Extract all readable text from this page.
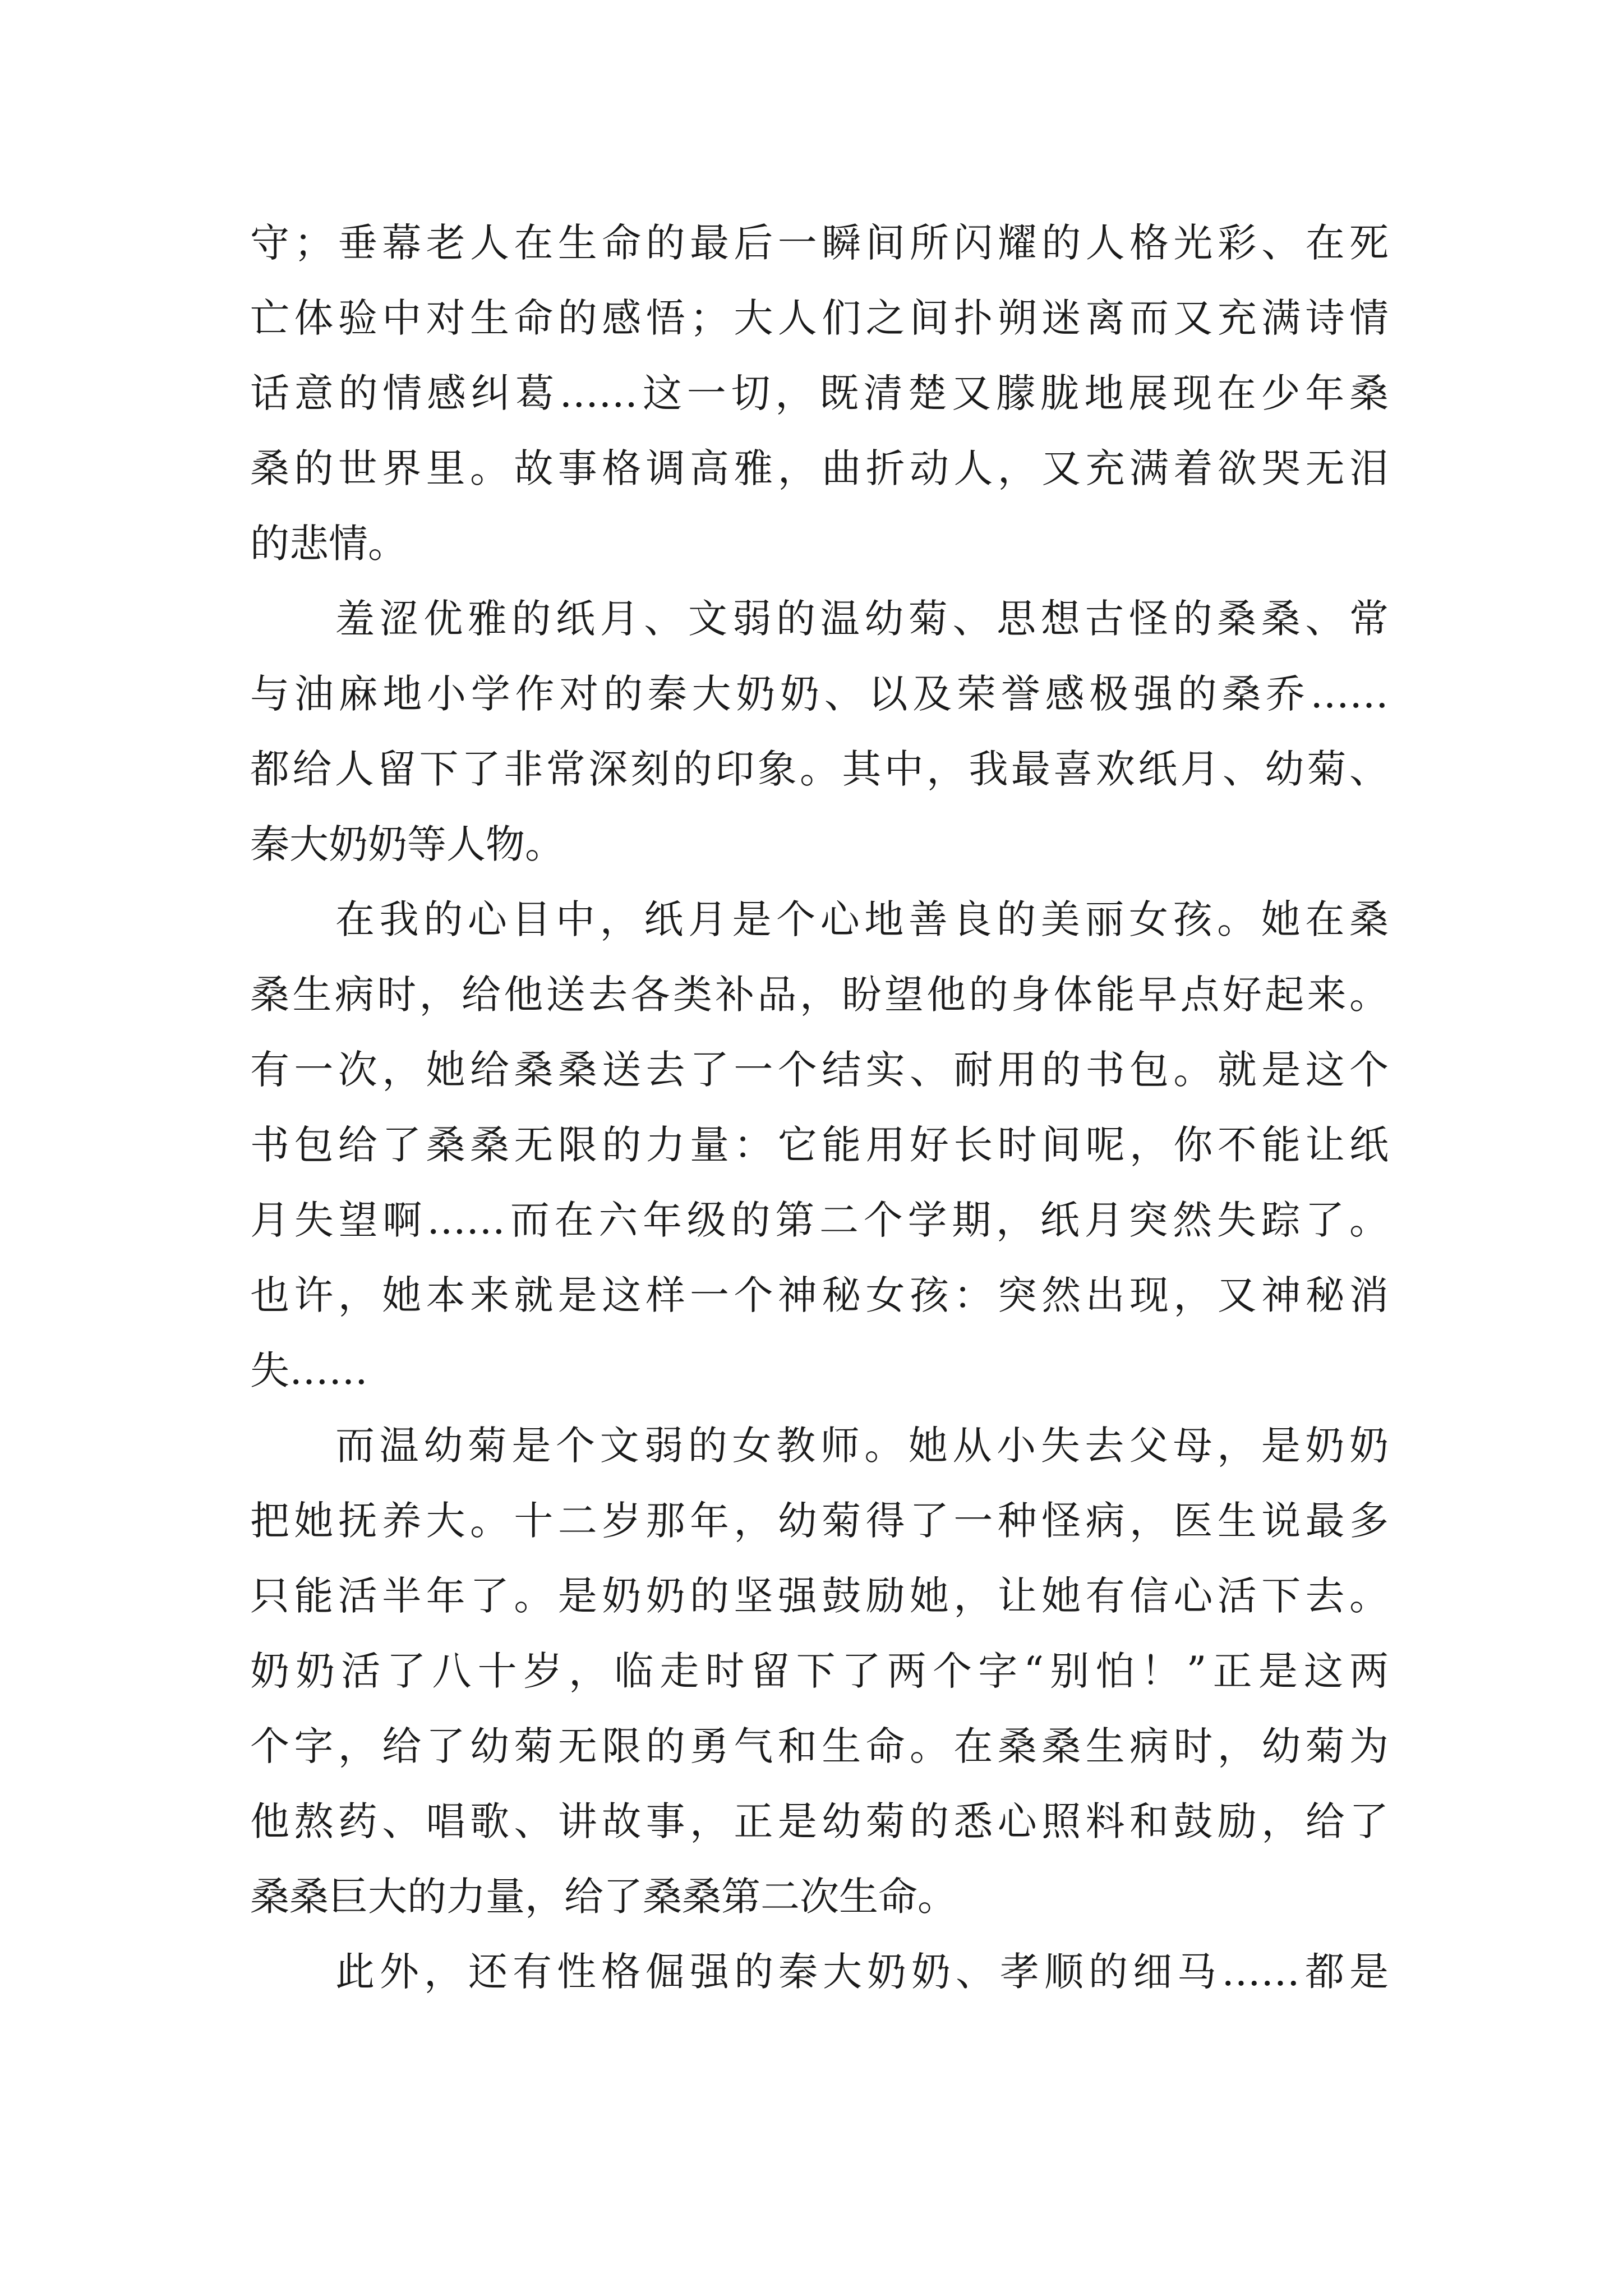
守；垂幕老人在生命的最后一瞬间所闪耀的人格光彩、在死
亡体验中对生命的感悟；大人们之间扑朔迷离而又充满诗情
话意的情感纠葛……这一切，既清楚又朦胧地展现在少年桑
桑的世界里。故事格调高雅，曲折动人，又充满着欲哭无泪
的悲情。
羞涩优雅的纸月、文弱的温幼菊、思想古怪的桑桑、常
与油麻地小学作对的秦大奶奶、以及荣誉感极强的桑乔……
都给人留下了非常深刻的印象。其中，我最喜欢纸月、幼菊、
秦大奶奶等人物。
在我的心目中，纸月是个心地善良的美丽女孩。她在桑
桑生病时，给他送去各类补品，盼望他的身体能早点好起来。
有一次，她给桑桑送去了一个结实、耐用的书包。就是这个
书包给了桑桑无限的力量：它能用好长时间呢，你不能让纸
月失望啊……而在六年级的第二个学期，纸月突然失踪了。
也许，她本来就是这样一个神秘女孩：突然出现，又神秘消
失……
而温幼菊是个文弱的女教师。她从小失去父母，是奶奶
把她抚养大。十二岁那年，幼菊得了一种怪病，医生说最多
只能活半年了。是奶奶的坚强鼓励她，让她有信心活下去。
奶奶活了八十岁，临走时留下了两个字“别怕！”正是这两
个字，给了幼菊无限的勇气和生命。在桑桑生病时，幼菊为
他熬药、唱歌、讲故事，正是幼菊的悉心照料和鼓励，给了
桑桑巨大的力量，给了桑桑第二次生命。
此外，还有性格倔强的秦大奶奶、孝顺的细马……都是
